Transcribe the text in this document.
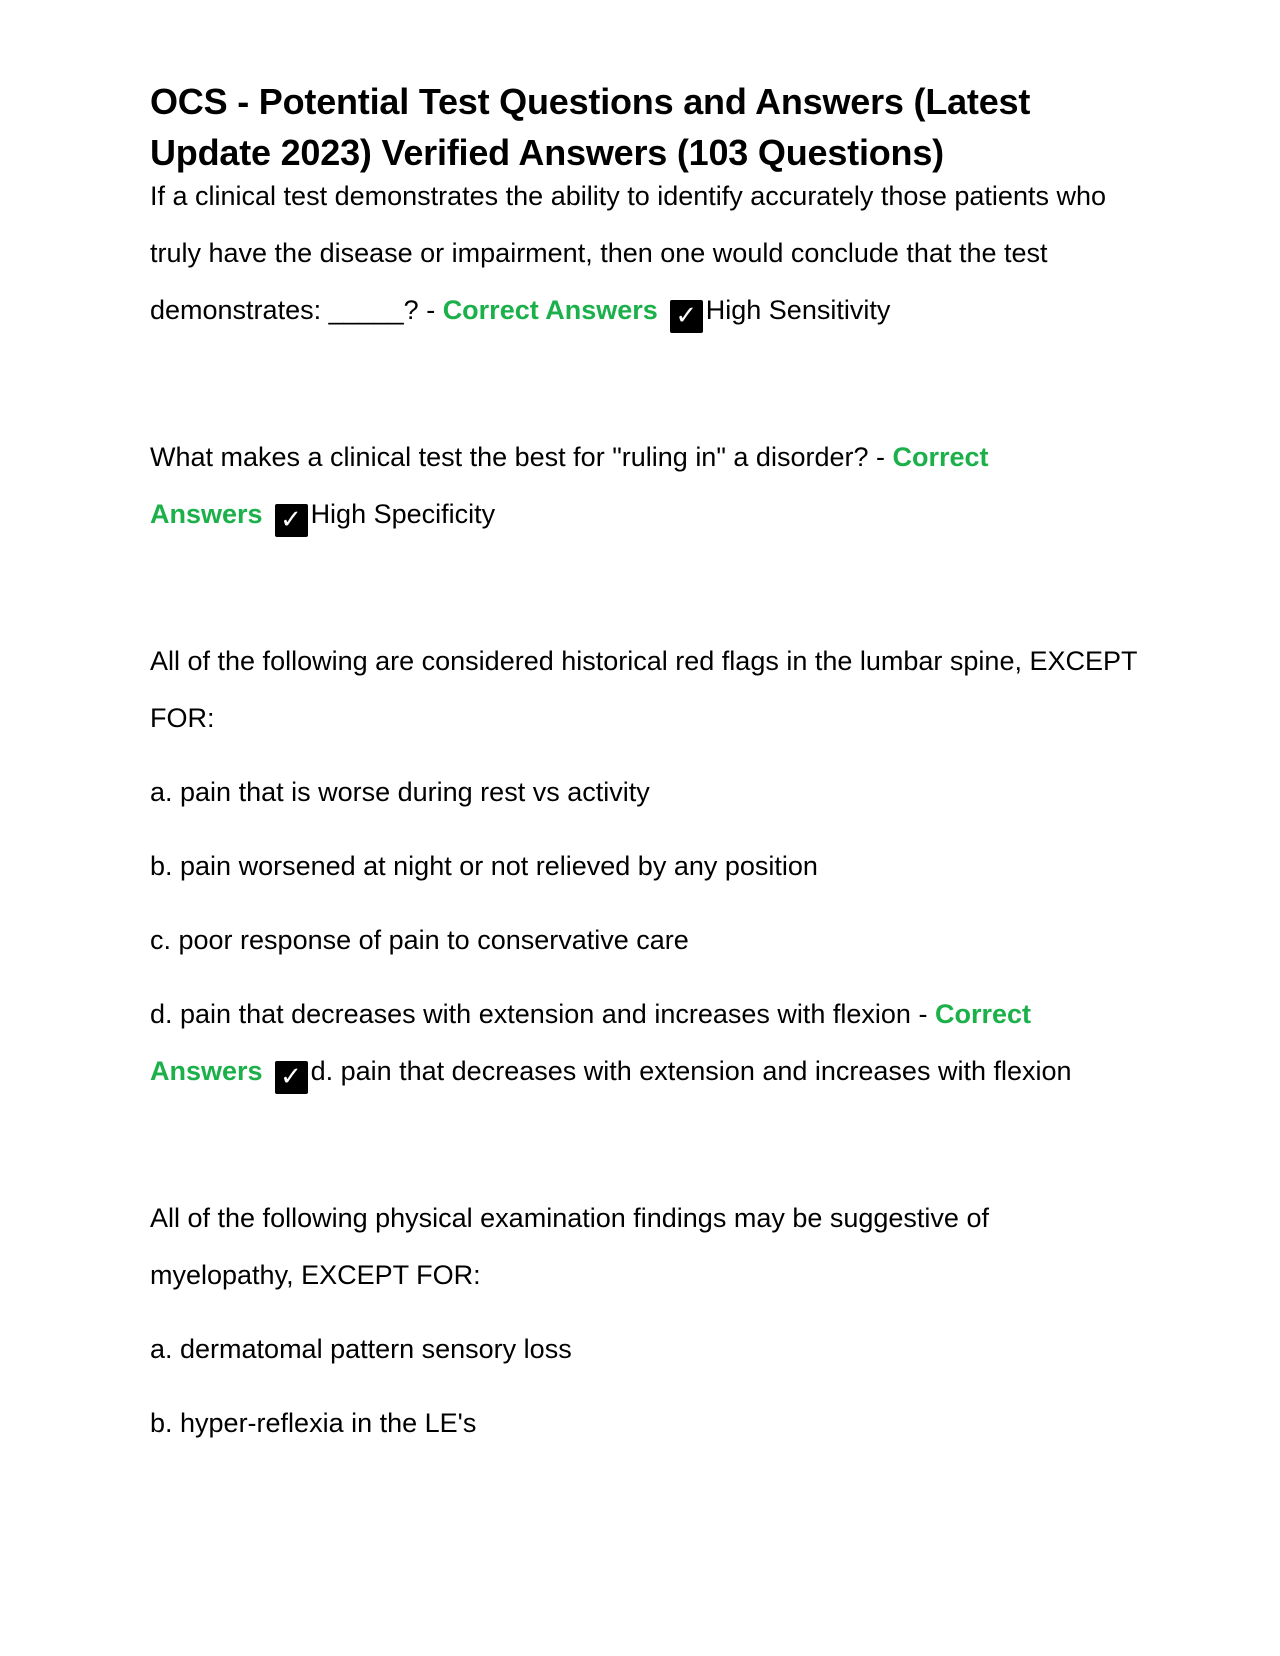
OCS - Potential Test Questions and Answers (Latest Update 2023) Verified Answers (103 Questions)

If a clinical test demonstrates the ability to identify accurately those patients who truly have the disease or impairment, then one would conclude that the test demonstrates: _____? - Correct Answers ✓ High Sensitivity

What makes a clinical test the best for "ruling in" a disorder? - Correct
Answers ✓ High Specificity

All of the following are considered historical red flags in the lumbar spine, EXCEPT FOR:

a. pain that is worse during rest vs activity

b. pain worsened at night or not relieved by any position

c. poor response of pain to conservative care

d. pain that decreases with extension and increases with flexion - Correct
Answers ✓ d. pain that decreases with extension and increases with flexion

All of the following physical examination findings may be suggestive of myelopathy, EXCEPT FOR:

a. dermatomal pattern sensory loss

b. hyper-reflexia in the LE's
